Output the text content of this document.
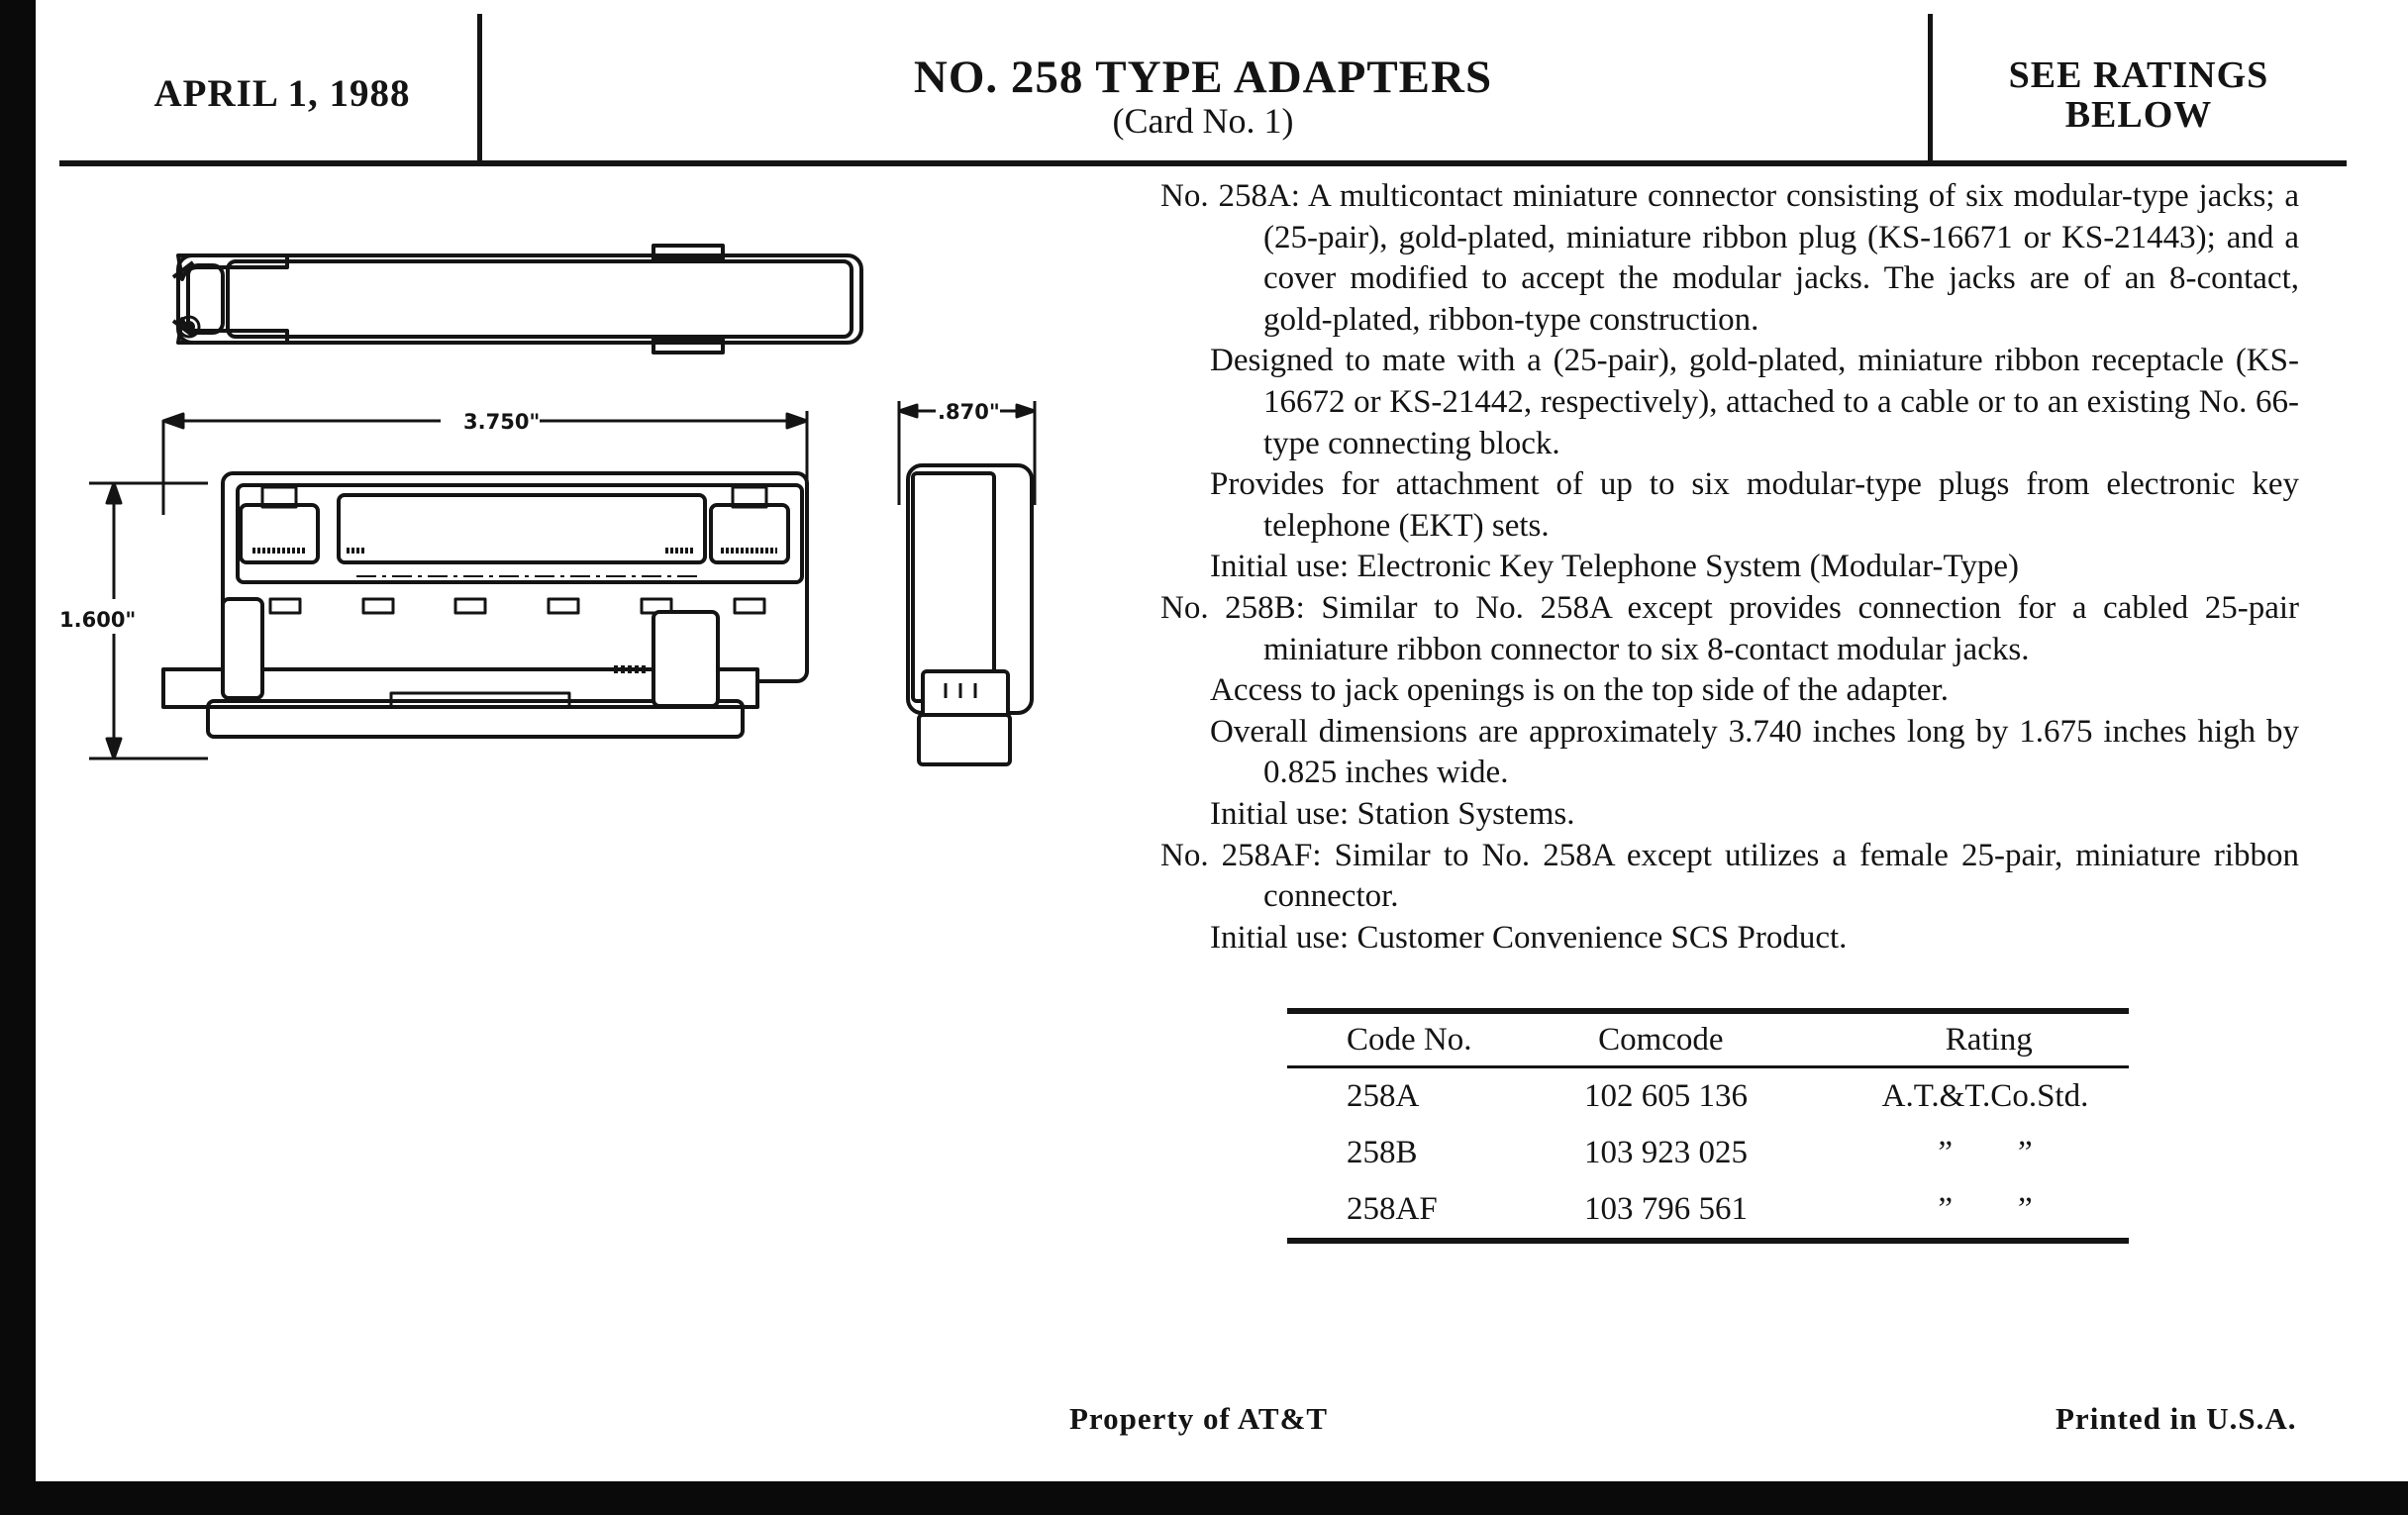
APRIL 1, 1988	NO. 258 TYPE ADAPTERS
(Card No. 1)
SEE RATINGS
BELOW
3.750"
1.600"
.870"

No. 258A: A multicontact miniature connector consisting of six modular-type jacks; a (25-pair), gold-plated, miniature ribbon plug (KS-16671 or KS-21443); and a cover modified to accept the modular jacks. The jacks are of an 8-contact, gold-plated, ribbon-type construction.

Designed to mate with a (25-pair), gold-plated, miniature ribbon receptacle (KS-16672 or KS-21442, respectively), attached to a cable or to an existing No. 66-type connecting block.

Provides for attachment of up to six modular-type plugs from electronic key telephone (EKT) sets.

Initial use: Electronic Key Telephone System (Modular-Type)

No. 258B: Similar to No. 258A except provides connection for a cabled 25-pair miniature ribbon connector to six 8-contact modular jacks.

Access to jack openings is on the top side of the adapter.

Overall dimensions are approximately 3.740 inches long by 1.675 inches high by 0.825 inches wide.

Initial use: Station Systems.

No. 258AF: Similar to No. 258A except utilizes a female 25-pair, miniature ribbon connector.

Initial use: Customer Convenience SCS Product.

Code No.	Comcode	Rating
258A	102 605 136	A.T.&T.Co.Std.
258B	103 923 025	”  ”
258AF	103 796 561	”  ”
Property of AT&T	Printed in U.S.A.
